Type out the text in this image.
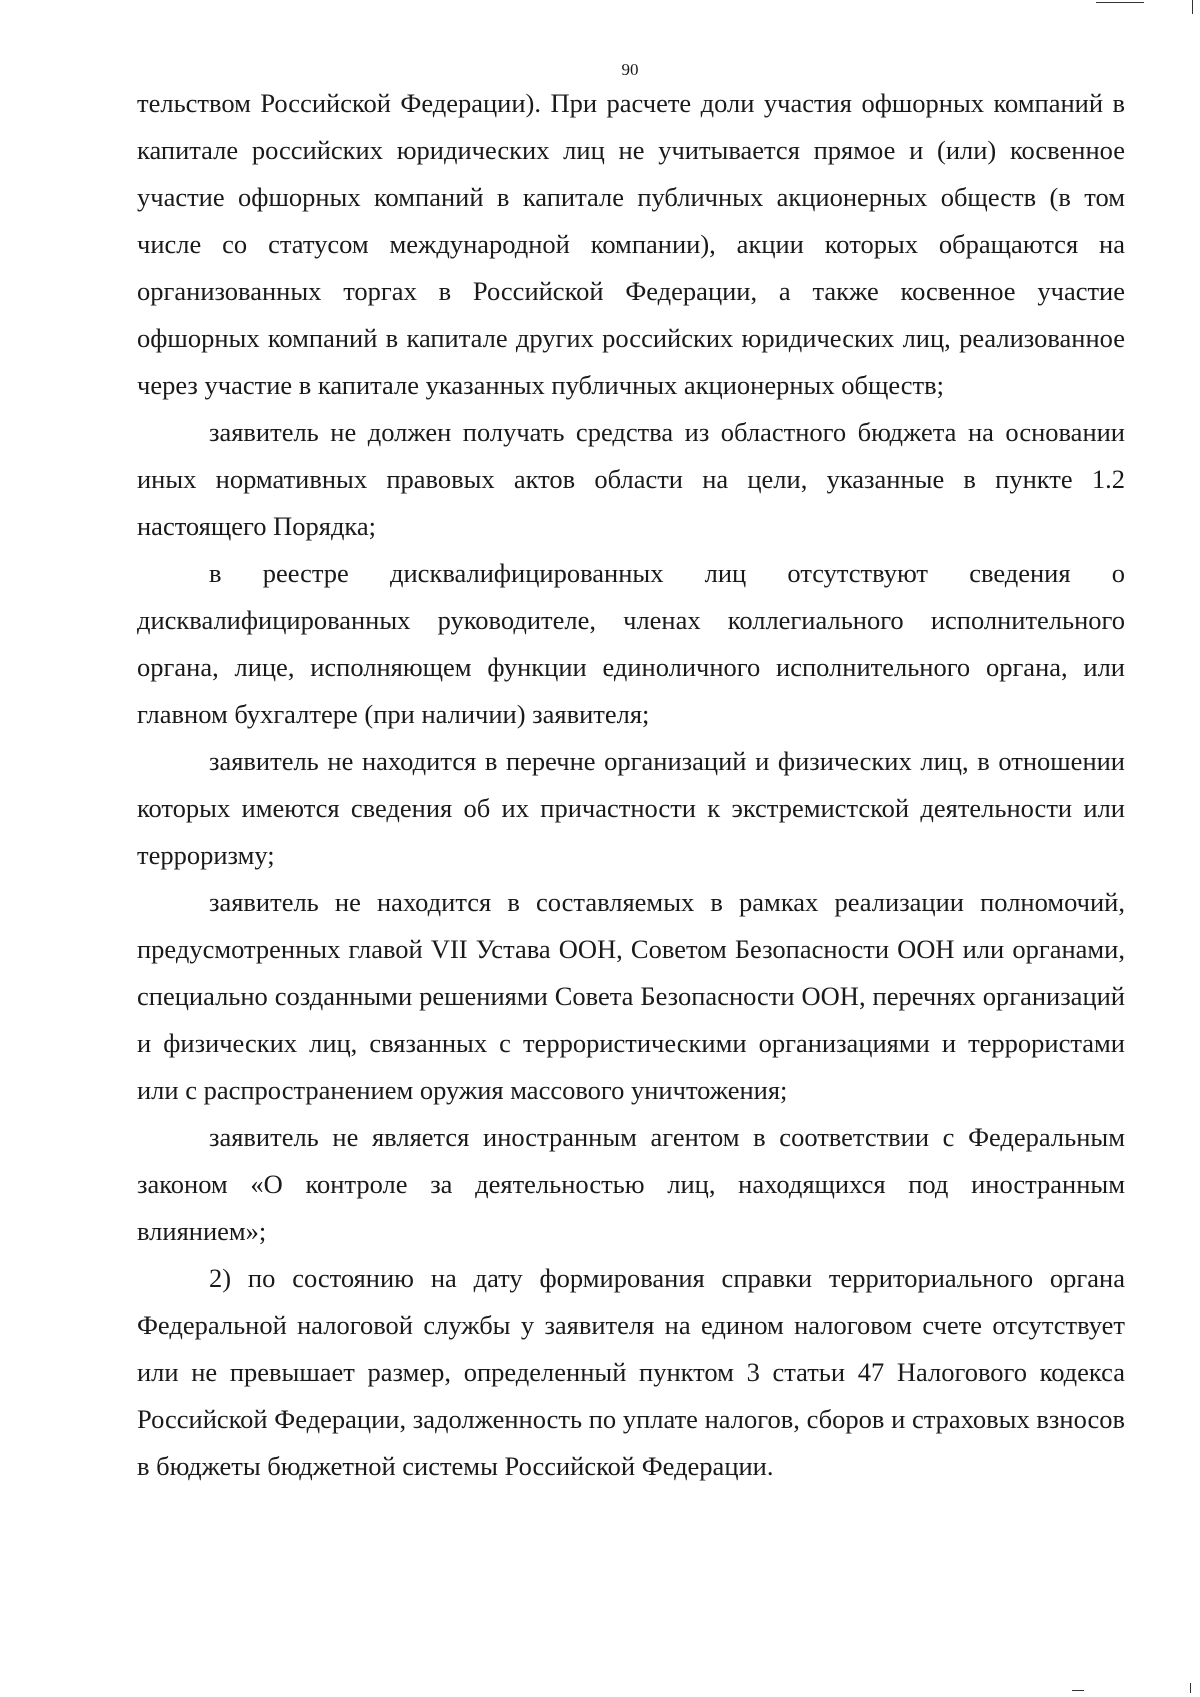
90

тельством Российской Федерации). При расчете доли участия офшорных компаний в капитале российских юридических лиц не учитывается прямое и (или) косвенное участие офшорных компаний в капитале публичных акционерных обществ (в том числе со статусом международной компании), акции которых обращаются на организованных торгах в Российской Федерации, а также косвенное участие офшорных компаний в капитале других российских юридических лиц, реализованное через участие в капитале указанных публичных акционерных обществ;

заявитель не должен получать средства из областного бюджета на основании иных нормативных правовых актов области на цели, указанные в пункте 1.2 настоящего Порядка;

в реестре дисквалифицированных лиц отсутствуют сведения о дисквалифицированных руководителе, членах коллегиального исполнительного органа, лице, исполняющем функции единоличного исполнительного органа, или главном бухгалтере (при наличии) заявителя;

заявитель не находится в перечне организаций и физических лиц, в отношении которых имеются сведения об их причастности к экстремистской деятельности или терроризму;

заявитель не находится в составляемых в рамках реализации полномочий, предусмотренных главой VII Устава ООН, Советом Безопасности ООН или органами, специально созданными решениями Совета Безопасности ООН, перечнях организаций и физических лиц, связанных с террористическими организациями и террористами или с распространением оружия массового уничтожения;

заявитель не является иностранным агентом в соответствии с Федеральным законом «О контроле за деятельностью лиц, находящихся под иностранным влиянием»;

2) по состоянию на дату формирования справки территориального органа Федеральной налоговой службы у заявителя на едином налоговом счете отсутствует или не превышает размер, определенный пунктом 3 статьи 47 Налогового кодекса Российской Федерации, задолженность по уплате налогов, сборов и страховых взносов в бюджеты бюджетной системы Российской Федерации.
